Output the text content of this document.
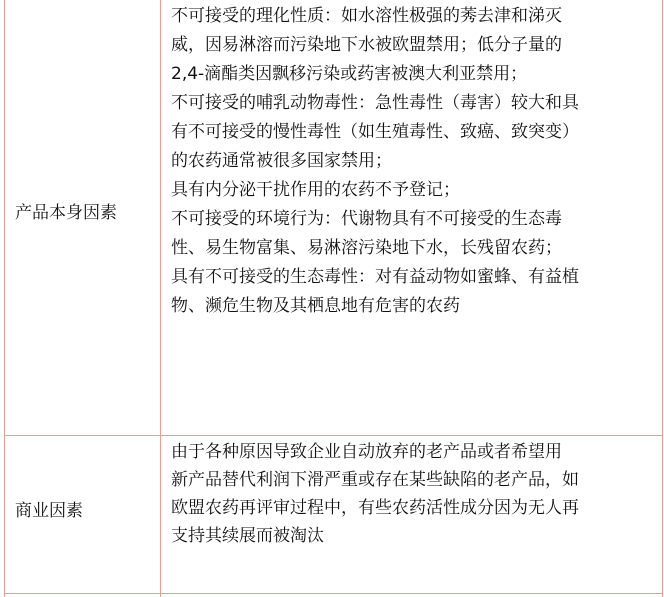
产品本身因素
不可接受的理化性质：如水溶性极强的莠去津和涕灭
威，因易淋溶而污染地下水被欧盟禁用；低分子量的
2,4-滴酯类因飘移污染或药害被澳大利亚禁用；
不可接受的哺乳动物毒性：急性毒性（毒害）较大和具
有不可接受的慢性毒性（如生殖毒性、致癌、致突变）
的农药通常被很多国家禁用；
具有内分泌干扰作用的农药不予登记；
不可接受的环境行为：代谢物具有不可接受的生态毒
性、易生物富集、易淋溶污染地下水，长残留农药；
具有不可接受的生态毒性：对有益动物如蜜蜂、有益植
物、濒危生物及其栖息地有危害的农药
商业因素
由于各种原因导致企业自动放弃的老产品或者希望用
新产品替代利润下滑严重或存在某些缺陷的老产品，如
欧盟农药再评审过程中，有些农药活性成分因为无人再
支持其续展而被淘汰
